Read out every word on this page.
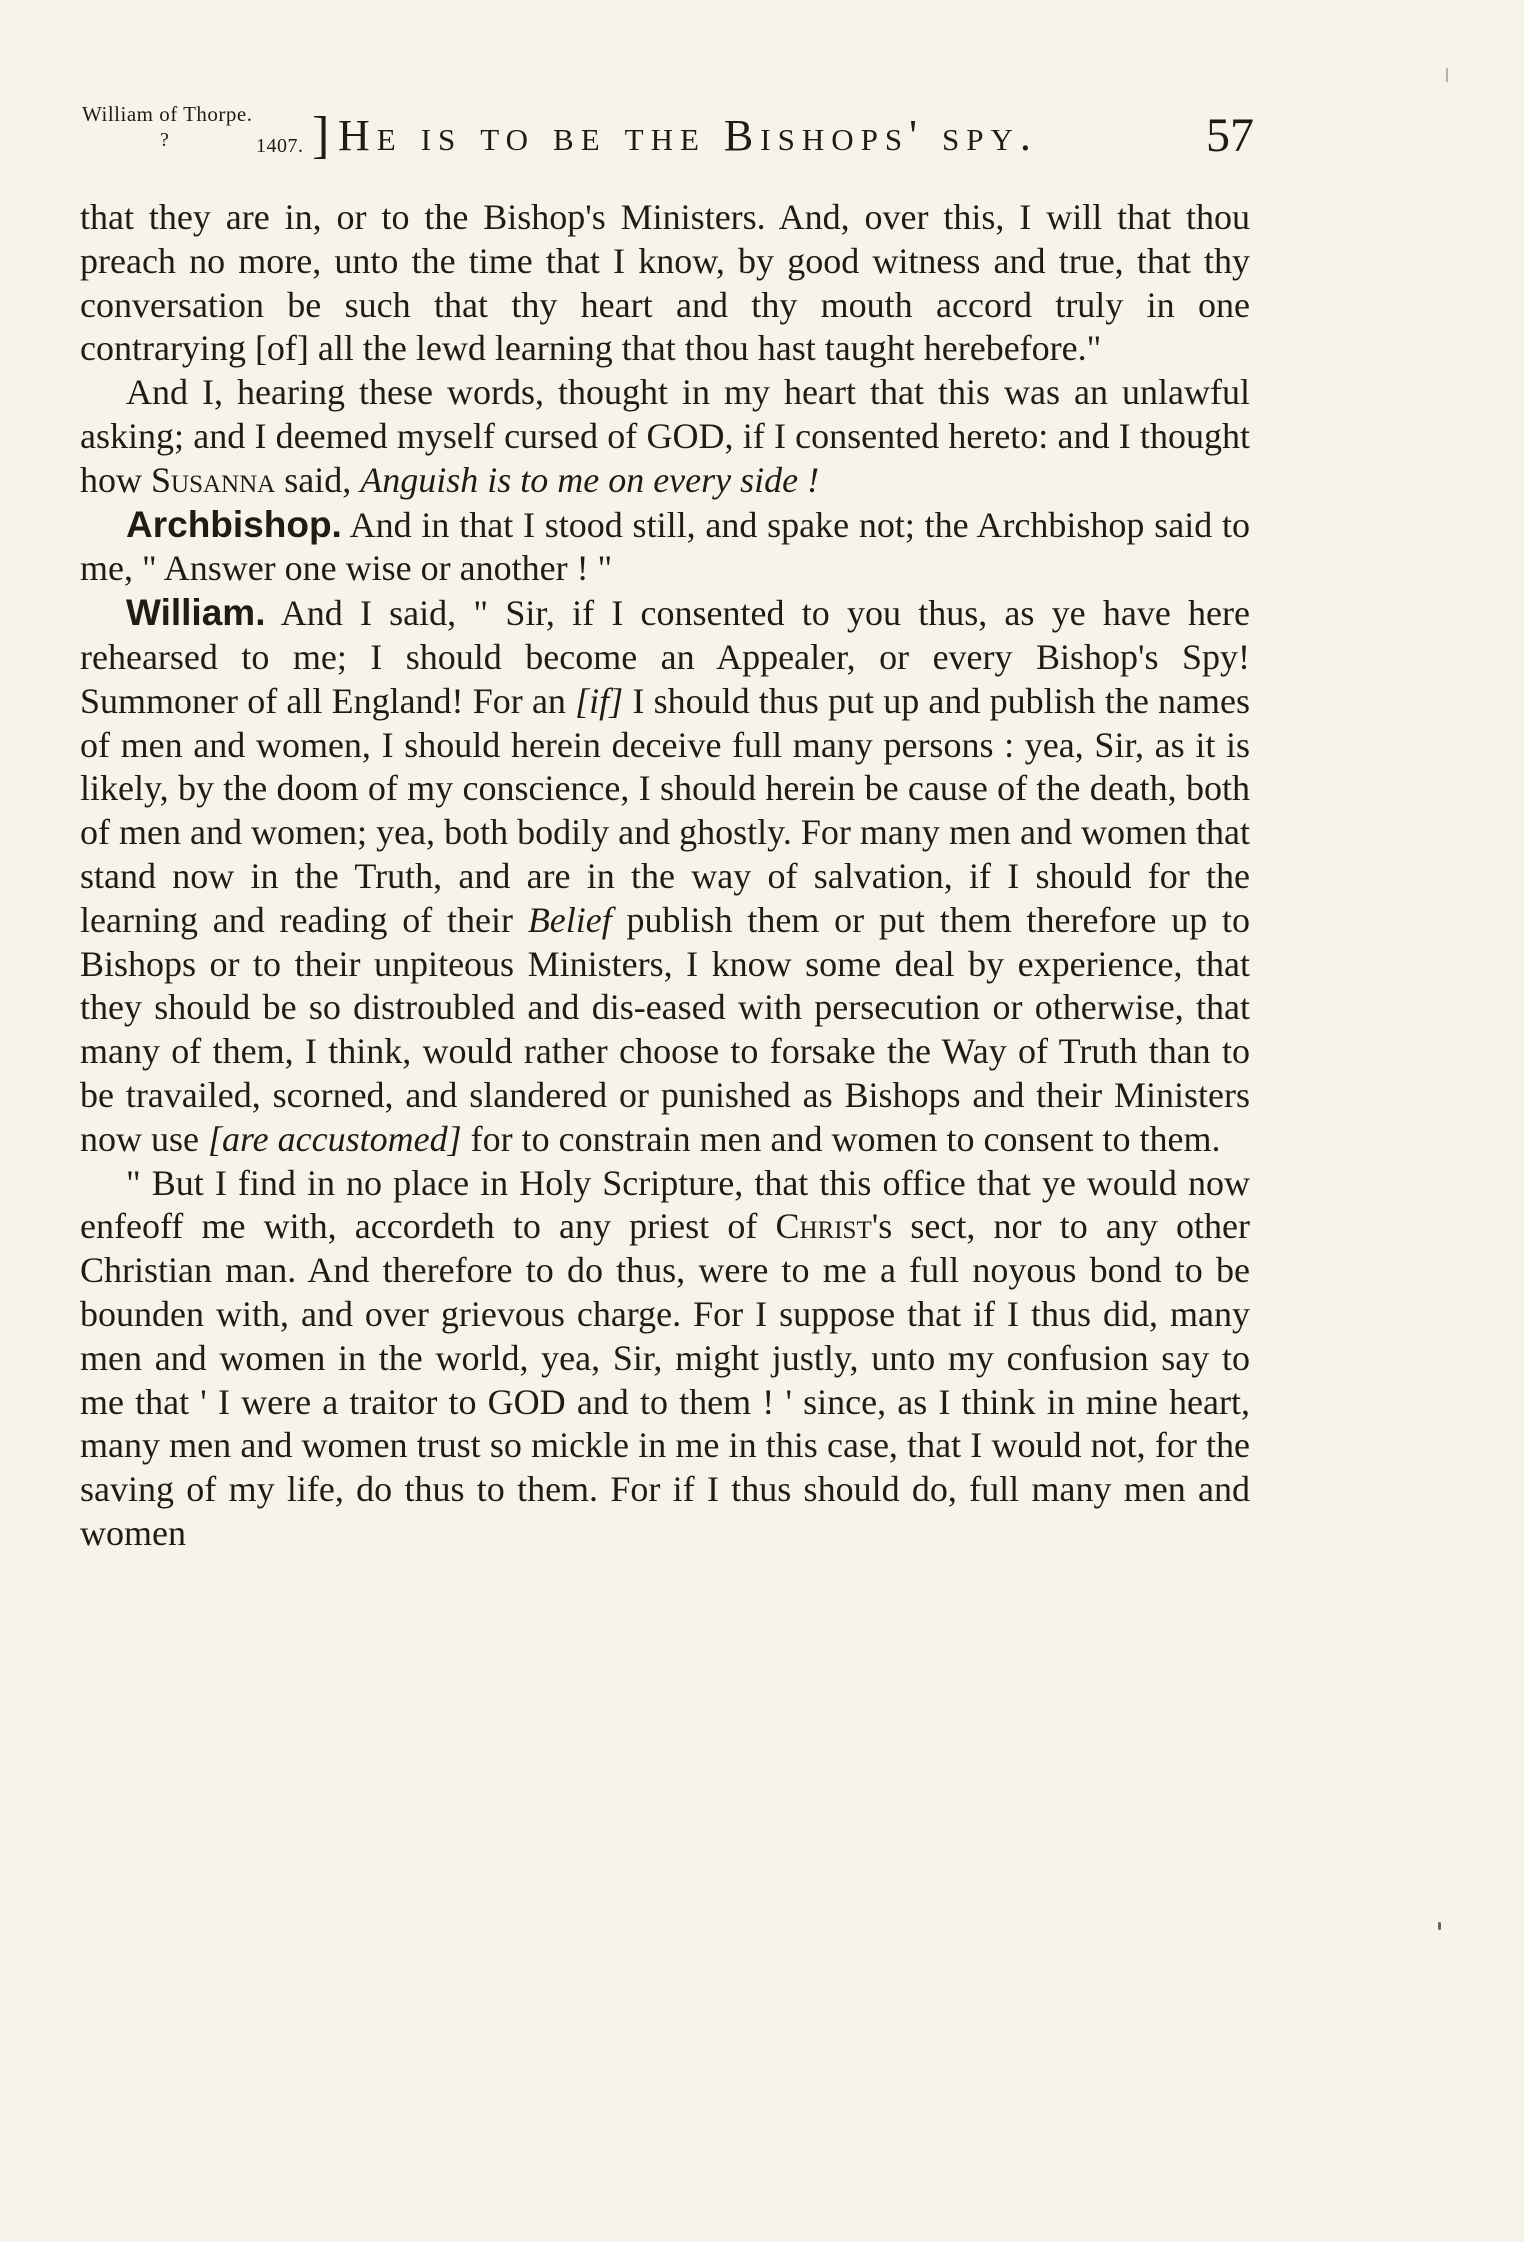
William of Thorpe.
?	1407. ] He is to be the Bishops' spy.	57

that they are in, or to the Bishop's Ministers. And, over this, I will that thou preach no more, unto the time that I know, by good witness and true, that thy conversation be such that thy heart and thy mouth accord truly in one contrarying [of] all the lewd learning that thou hast taught herebefore."

And I, hearing these words, thought in my heart that this was an unlawful asking; and I deemed myself cursed of GOD, if I consented hereto: and I thought how Susanna said, Anguish is to me on every side !

Archbishop. And in that I stood still, and spake not; the Archbishop said to me, " Answer one wise or another ! "

William. And I said, " Sir, if I consented to you thus, as ye have here rehearsed to me; I should become an Appealer, or every Bishop's Spy! Summoner of all England! For an [if] I should thus put up and publish the names of men and women, I should herein deceive full many persons : yea, Sir, as it is likely, by the doom of my conscience, I should herein be cause of the death, both of men and women; yea, both bodily and ghostly. For many men and women that stand now in the Truth, and are in the way of salvation, if I should for the learning and reading of their Belief publish them or put them therefore up to Bishops or to their unpiteous Ministers, I know some deal by experience, that they should be so distroubled and dis-eased with persecution or otherwise, that many of them, I think, would rather choose to forsake the Way of Truth than to be travailed, scorned, and slandered or punished as Bishops and their Ministers now use [are accustomed] for to constrain men and women to consent to them.

" But I find in no place in Holy Scripture, that this office that ye would now enfeoff me with, accordeth to any priest of Christ's sect, nor to any other Christian man. And therefore to do thus, were to me a full noyous bond to be bounden with, and over grievous charge. For I suppose that if I thus did, many men and women in the world, yea, Sir, might justly, unto my confusion say to me that ' I were a traitor to GOD and to them ! ' since, as I think in mine heart, many men and women trust so mickle in me in this case, that I would not, for the saving of my life, do thus to them. For if I thus should do, full many men and women
